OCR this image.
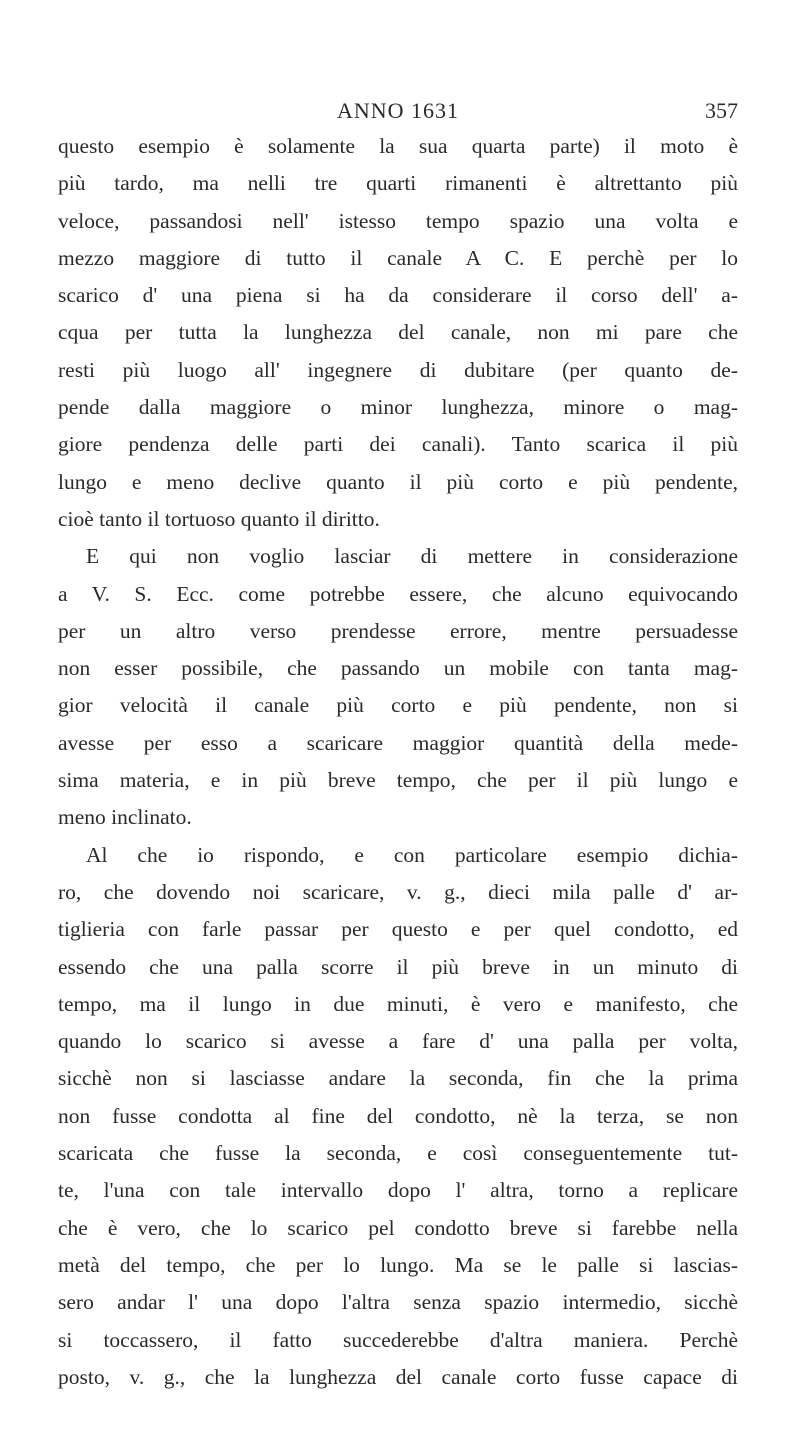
ANNO 1631	357
questo esempio è solamente la sua quarta parte) il moto è
più tardo, ma nelli tre quarti rimanenti è altrettanto più
veloce, passandosi nell' istesso tempo spazio una volta e
mezzo maggiore di tutto il canale A C. E perchè per lo
scarico d' una piena si ha da considerare il corso dell' a-
cqua per tutta la lunghezza del canale, non mi pare che
resti più luogo all' ingegnere di dubitare (per quanto de-
pende dalla maggiore o minor lunghezza, minore o mag-
giore pendenza delle parti dei canali). Tanto scarica il più
lungo e meno declive quanto il più corto e più pendente,
cioè tanto il tortuoso quanto il diritto.
E qui non voglio lasciar di mettere in considerazione
a V. S. Ecc. come potrebbe essere, che alcuno equivocando
per un altro verso prendesse errore, mentre persuadesse
non esser possibile, che passando un mobile con tanta mag-
gior velocità il canale più corto e più pendente, non si
avesse per esso a scaricare maggior quantità della mede-
sima materia, e in più breve tempo, che per il più lungo e
meno inclinato.
Al che io rispondo, e con particolare esempio dichia-
ro, che dovendo noi scaricare, v. g., dieci mila palle d' ar-
tiglieria con farle passar per questo e per quel condotto, ed
essendo che una palla scorre il più breve in un minuto di
tempo, ma il lungo in due minuti, è vero e manifesto, che
quando lo scarico si avesse a fare d' una palla per volta,
sicchè non si lasciasse andare la seconda, fin che la prima
non fusse condotta al fine del condotto, nè la terza, se non
scaricata che fusse la seconda, e così conseguentemente tut-
te, l'una con tale intervallo dopo l' altra, torno a replicare
che è vero, che lo scarico pel condotto breve si farebbe nella
metà del tempo, che per lo lungo. Ma se le palle si lascias-
sero andar l' una dopo l'altra senza spazio intermedio, sicchè
si toccassero, il fatto succederebbe d'altra maniera. Perchè
posto, v. g., che la lunghezza del canale corto fusse capace di
